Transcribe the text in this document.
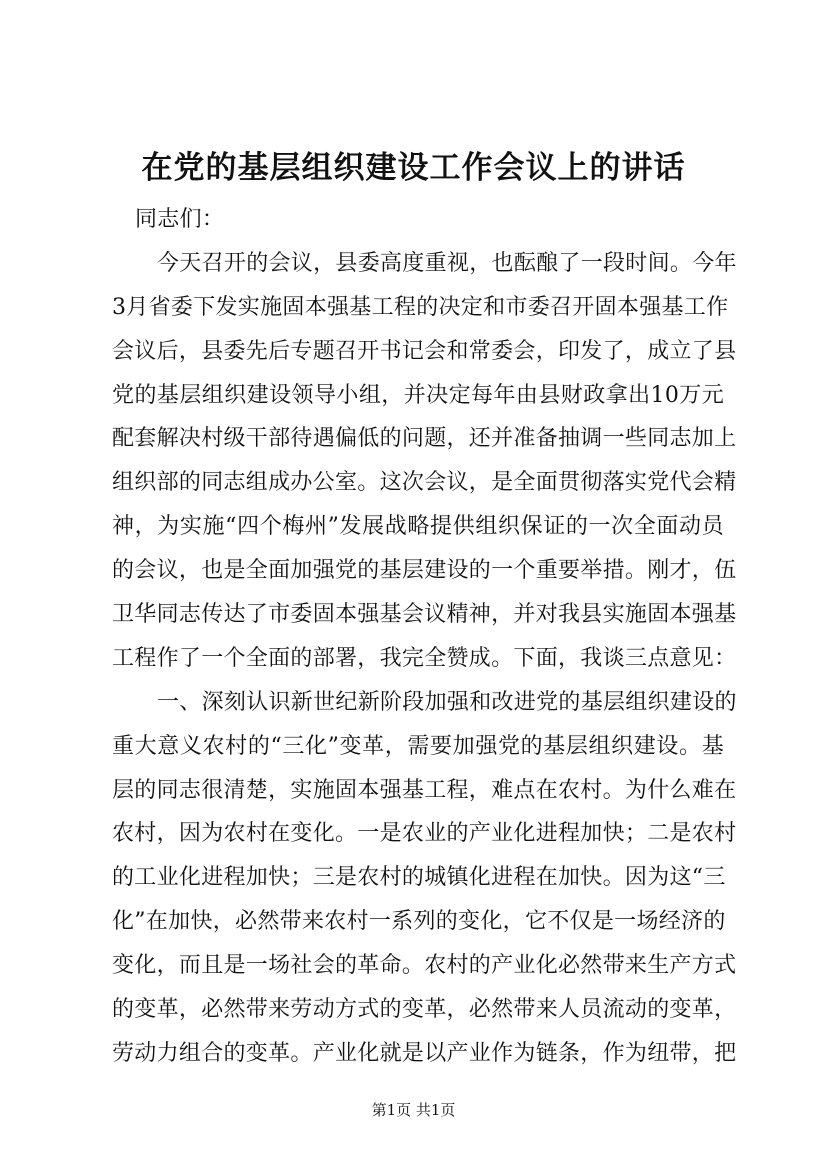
在党的基层组织建设工作会议上的讲话
同志们：
今天召开的会议，县委高度重视，也酝酿了一段时间。今年
3月省委下发实施固本强基工程的决定和市委召开固本强基工作
会议后，县委先后专题召开书记会和常委会，印发了，成立了县
党的基层组织建设领导小组，并决定每年由县财政拿出10万元
配套解决村级干部待遇偏低的问题，还并准备抽调一些同志加上
组织部的同志组成办公室。这次会议，是全面贯彻落实党代会精
神，为实施“四个梅州”发展战略提供组织保证的一次全面动员
的会议，也是全面加强党的基层建设的一个重要举措。刚才，伍
卫华同志传达了市委固本强基会议精神，并对我县实施固本强基
工程作了一个全面的部署，我完全赞成。下面，我谈三点意见：
一、深刻认识新世纪新阶段加强和改进党的基层组织建设的
重大意义农村的“三化”变革，需要加强党的基层组织建设。基
层的同志很清楚，实施固本强基工程，难点在农村。为什么难在
农村，因为农村在变化。一是农业的产业化进程加快；二是农村
的工业化进程加快；三是农村的城镇化进程在加快。因为这“三
化”在加快，必然带来农村一系列的变化，它不仅是一场经济的
变化，而且是一场社会的革命。农村的产业化必然带来生产方式
的变革，必然带来劳动方式的变革，必然带来人员流动的变革，
劳动力组合的变革。产业化就是以产业作为链条，作为纽带，把
第1页 共1页
